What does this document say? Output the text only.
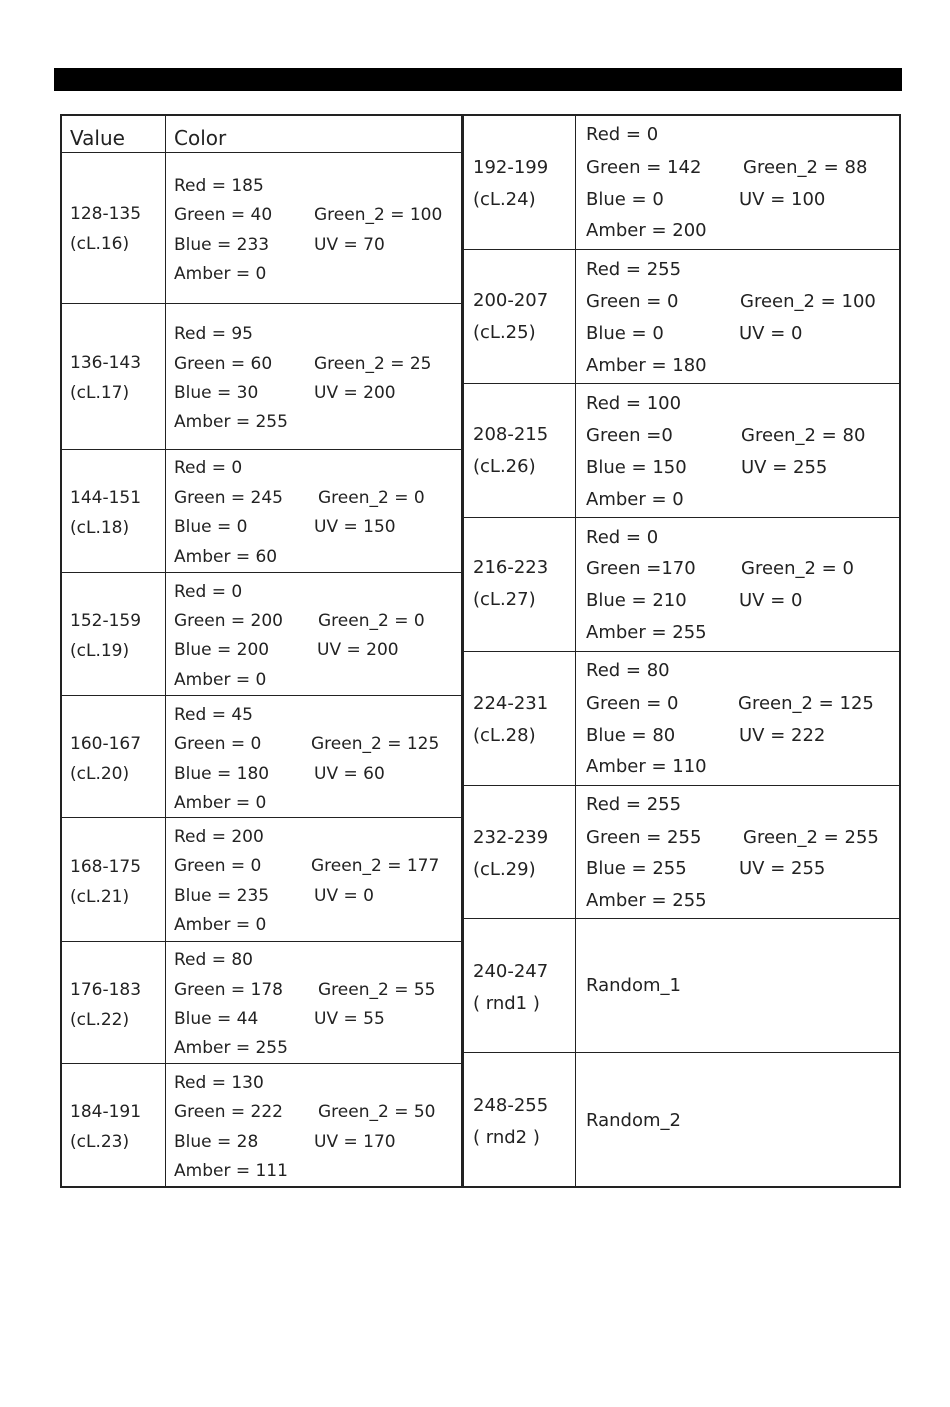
Value Color
128-135
(cL.16)
Red = 185
Green = 40 Green_2 = 100
Blue = 233	UV = 70
Amber = 0
136-143
(cL.17)
Red = 95
Green = 60 Green_2 = 25
Blue = 30	UV = 200
Amber = 255
144-151
(cL.18)
Red = 0
Green = 245 Green_2 = 0
Blue = 0	UV = 150
Amber = 60
152-159
(cL.19)
Red = 0
Green = 200 Green_2 = 0
Blue = 200	UV = 200
Amber = 0
160-167
(cL.20)
Red = 45
Green = 0	Green_2 = 125
Blue = 180	UV = 60
Amber = 0
168-175
(cL.21)
Red = 200
Green = 0	Green_2 = 177
Blue = 235	UV = 0
Amber = 0
176-183
(cL.22)
Red = 80
Green = 178 Green_2 = 55
Blue = 44	UV = 55
Amber = 255
184-191
(cL.23)
Red = 130
Green = 222 Green_2 = 50
Blue = 28	UV = 170
Amber = 111
192-199
(cL.24)
Red = 0
Green = 142 Green_2 = 88
Blue = 0	UV = 100
Amber = 200
200-207
(cL.25)
Red = 255
Green = 0	Green_2 = 100
Blue = 0	UV = 0
Amber = 180
208-215
(cL.26)
Red = 100
Green =0	Green_2 = 80
Blue = 150	UV = 255
Amber = 0
216-223
(cL.27)
Red = 0
Green =170	Green_2 = 0
Blue = 210	UV = 0
Amber = 255
224-231
(cL.28)
Red = 80
Green = 0	Green_2 = 125
Blue = 80	UV = 222
Amber = 110
232-239
(cL.29)
Red = 255
Green = 255 Green_2 = 255
Blue = 255	UV = 255
Amber = 255
240-247
( rnd1 )
Random_1
248-255
( rnd2 )
Random_2
